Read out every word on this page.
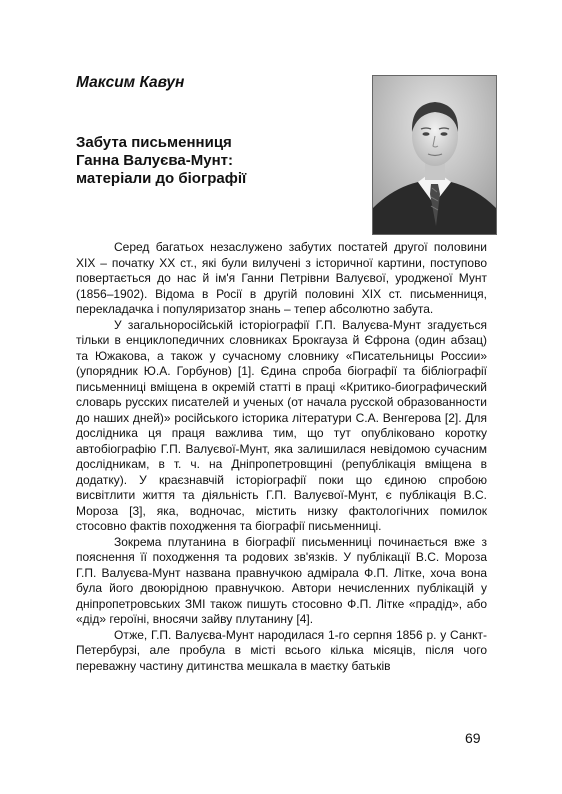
Максим Кавун
Забута письменниця
Ганна Валуєва-Мунт:
матеріали до біографії

Серед багатьох незаслужено забутих постатей другої половини XIX – початку XX ст., які були вилучені з історичної картини, поступово повертається до нас й ім'я Ганни Петрівни Валуєвої, уродженої Мунт (1856–1902). Відома в Росії в другій половині XIX ст. письменниця, перекладачка і популяризатор знань – тепер абсолютно забута.

У загальноросійській історіографії Г.П. Валуєва-Мунт згадується тільки в енциклопедичних словниках Брокгауза й Єфрона (один абзац) та Южакова, а також у сучасному словнику «Писательницы России» (упорядник Ю.А. Горбунов) [1]. Єдина спроба біографії та бібліографії письменниці вміщена в окремій статті в праці «Критико-биографический словарь русских писателей и ученых (от начала русской образованности до наших дней)» російського історика літератури С.А. Венгерова [2]. Для дослідника ця праця важлива тим, що тут опубліковано коротку автобіографію Г.П. Валуєвої-Мунт, яка залишилася невідомою сучасним дослідникам, в т. ч. на Дніпропетровщині (републікація вміщена в додатку). У краєзнавчій історіографії поки що єдиною спробою висвітлити життя та діяльність Г.П. Валуєвої-Мунт, є публікація В.С. Мороза [3], яка, водночас, містить низку фактологічних помилок стосовно фактів походження та біографії письменниці.

Зокрема плутанина в біографії письменниці починається вже з пояснення її походження та родових зв'язків. У публікації В.С. Мороза Г.П. Валуєва-Мунт названа правнучкою адмірала Ф.П. Літке, хоча вона була його двоюрідною правнучкою. Автори нечисленних публікацій у дніпропетровських ЗМІ також пишуть стосовно Ф.П. Літке «прадід», або «дід» героїні, вносячи зайву плутанину [4].

Отже, Г.П. Валуєва-Мунт народилася 1-го серпня 1856 р. у Санкт-Петербурзі, але пробула в місті всього кілька місяців, після чого переважну частину дитинства мешкала в маєтку батьків

69
